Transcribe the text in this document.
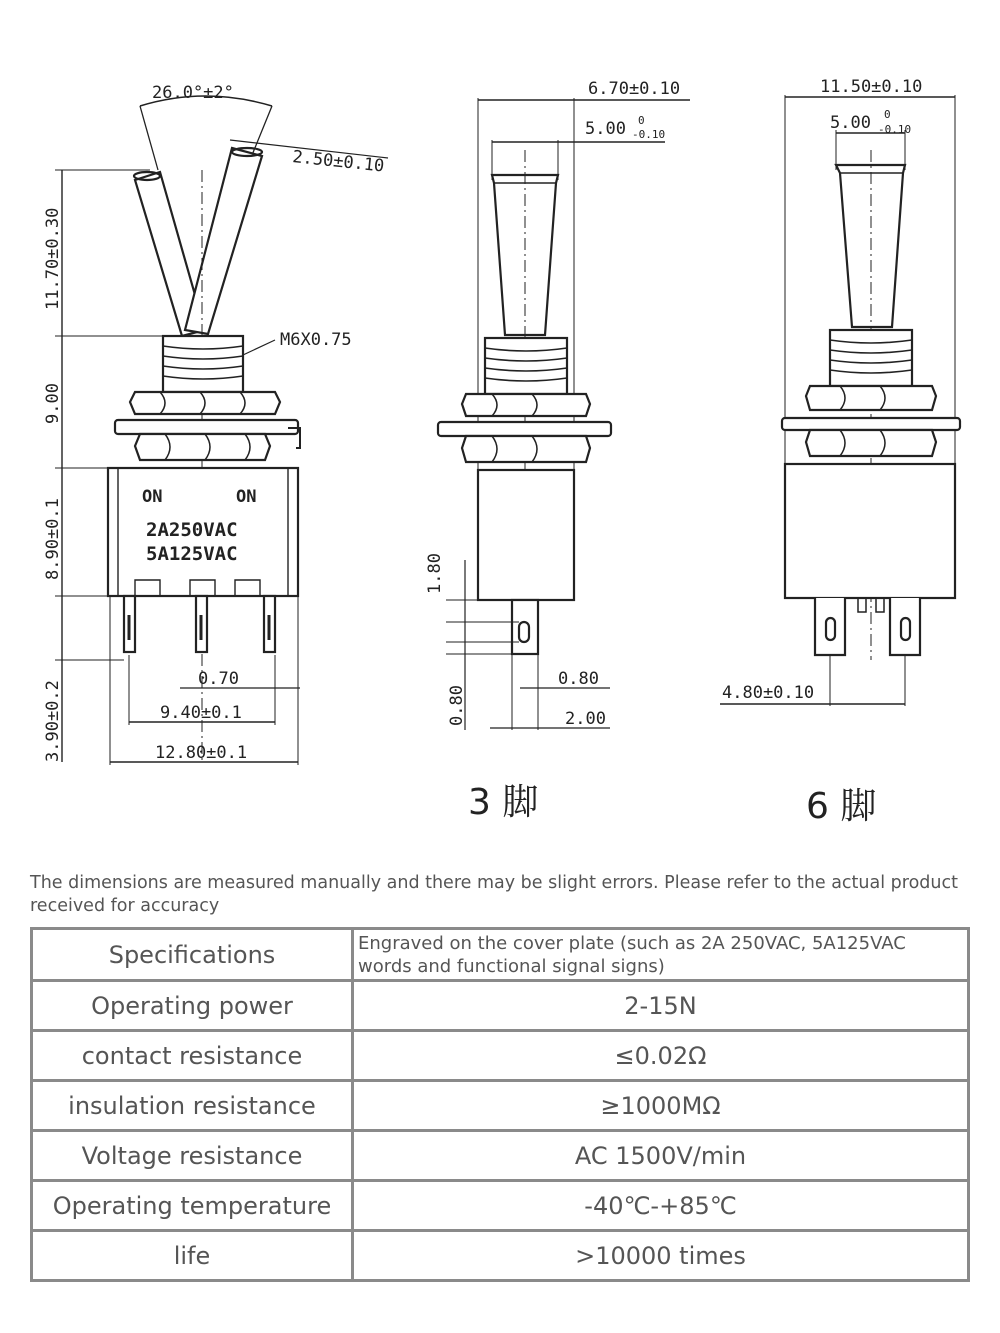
26.0°±2°
2.50±0.10
11.70±0.30
M6X0.75
9.00
8.90±0.1
3.90±0.2
0.70
9.40±0.1
12.80±0.1
ON	ON
2A250VAC
5A125VAC
6.70±0.10
5.00 0
-0.10
1.80
0.80
0.80
2.00
11.50±0.10
5.00 0
-0.10
4.80±0.10
3 脚	6 脚
The dimensions are measured manually and there may be slight errors. Please refer to the actual product received for accuracy
Specifications	Engraved on the cover plate (such as 2A 250VAC, 5A125VAC words and functional signal signs)
Operating power	2-15N
contact resistance	≤0.02Ω
insulation resistance	≥1000MΩ
Voltage resistance	AC 1500V/min
Operating temperature	-40℃-+85℃
life	>10000 times
